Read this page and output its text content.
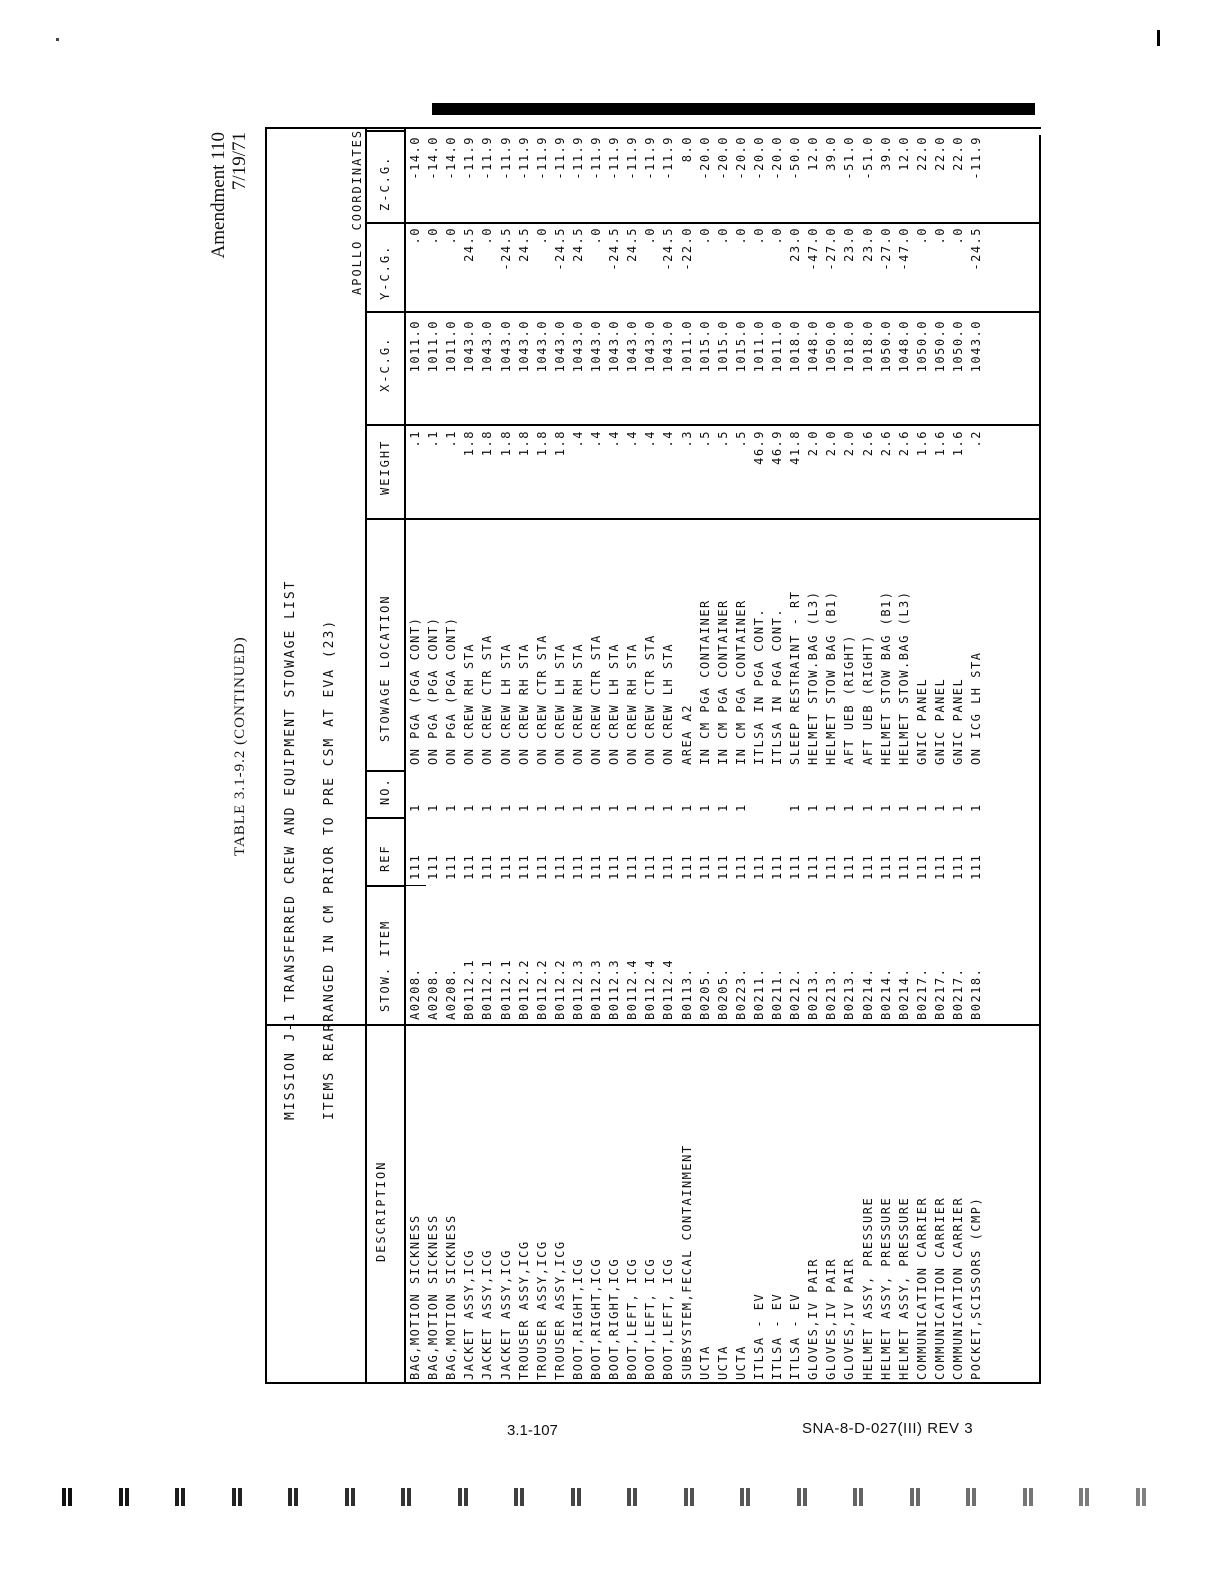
Amendment 110 7/19/71
TABLE 3.1-9.2 (CONTINUED)	MISSION J-1 TRANSFERRED CREW AND EQUIPMENT STOWAGE LIST ITEMS REARRANGED IN CM PRIOR TO PRE CSM AT EVA (23)
APOLLO COORDINATES
DESCRIPTION
STOW. ITEM
REF
NO.
STOWAGE LOCATION
WEIGHT
X-C.G.
Y-C.G.
Z-C.G.
BAG,MOTION SICKNESS
A0208.
111
1
ON PGA (PGA CONT)
.1
1011.0
.0
-14.0
BAG,MOTION SICKNESS
A0208.
111
1
ON PGA (PGA CONT)
.1
1011.0
.0
-14.0
BAG,MOTION SICKNESS
A0208.
111
1
ON PGA (PGA CONT)
.1
1011.0
.0
-14.0
JACKET ASSY,ICG
B0112.1
111
1
ON CREW RH STA
1.8
1043.0
24.5
-11.9
JACKET ASSY,ICG
B0112.1
111
1
ON CREW CTR STA
1.8
1043.0
.0
-11.9
JACKET ASSY,ICG
B0112.1
111
1
ON CREW LH STA
1.8
1043.0
-24.5
-11.9
TROUSER ASSY,ICG
B0112.2
111
1
ON CREW RH STA
1.8
1043.0
24.5
-11.9
TROUSER ASSY,ICG
B0112.2
111
1
ON CREW CTR STA
1.8
1043.0
.0
-11.9
TROUSER ASSY,ICG
B0112.2
111
1
ON CREW LH STA
1.8
1043.0
-24.5
-11.9
BOOT,RIGHT,ICG
B0112.3
111
1
ON CREW RH STA
.4
1043.0
24.5
-11.9
BOOT,RIGHT,ICG
B0112.3
111
1
ON CREW CTR STA
.4
1043.0
.0
-11.9
BOOT,RIGHT,ICG
B0112.3
111
1
ON CREW LH STA
.4
1043.0
-24.5
-11.9
BOOT,LEFT, ICG
B0112.4
111
1
ON CREW RH STA
.4
1043.0
24.5
-11.9
BOOT,LEFT, ICG
B0112.4
111
1
ON CREW CTR STA
.4
1043.0
.0
-11.9
BOOT,LEFT, ICG
B0112.4
111
1
ON CREW LH STA
.4
1043.0
-24.5
-11.9
SUBSYSTEM,FECAL CONTAINMENT
B0113.
111
1
AREA A2
.3
1011.0
-22.0
8.0
UCTA
B0205.
111
1
IN CM PGA CONTAINER
.5
1015.0
.0
-20.0
UCTA
B0205.
111
1
IN CM PGA CONTAINER
.5
1015.0
.0
-20.0
UCTA
B0223.
111
1
IN CM PGA CONTAINER
.5
1015.0
.0
-20.0
ITLSA - EV
B0211.
111
ITLSA IN PGA CONT.
46.9
1011.0
.0
-20.0
ITLSA - EV
B0211.
111
ITLSA IN PGA CONT.
46.9
1011.0
.0
-20.0
ITLSA - EV
B0212.
111
1
SLEEP RESTRAINT - RT
41.8
1018.0
23.0
-50.0
GLOVES,IV PAIR
B0213.
111
1
HELMET STOW.BAG (L3)
2.0
1048.0
-47.0
12.0
GLOVES,IV PAIR
B0213.
111
1
HELMET STOW BAG (B1)
2.0
1050.0
-27.0
39.0
GLOVES,IV PAIR
B0213.
111
1
AFT UEB (RIGHT)
2.0
1018.0
23.0
-51.0
HELMET ASSY, PRESSURE
B0214.
111
1
AFT UEB (RIGHT)
2.6
1018.0
23.0
-51.0
HELMET ASSY, PRESSURE
B0214.
111
1
HELMET STOW BAG (B1)
2.6
1050.0
-27.0
39.0
HELMET ASSY, PRESSURE
B0214.
111
1
HELMET STOW.BAG (L3)
2.6
1048.0
-47.0
12.0
COMMUNICATION CARRIER
B0217.
111
1
GNIC PANEL
1.6
1050.0
.0
22.0
COMMUNICATION CARRIER
B0217.
111
1
GNIC PANEL
1.6
1050.0
.0
22.0
COMMUNICATION CARRIER
B0217.
111
1
GNIC PANEL
1.6
1050.0
.0
22.0
POCKET,SCISSORS (CMP)
B0218.
111
1
ON ICG LH STA
.2
1043.0
-24.5
-11.9
3.1-107	SNA-8-D-027(III) REV 3
